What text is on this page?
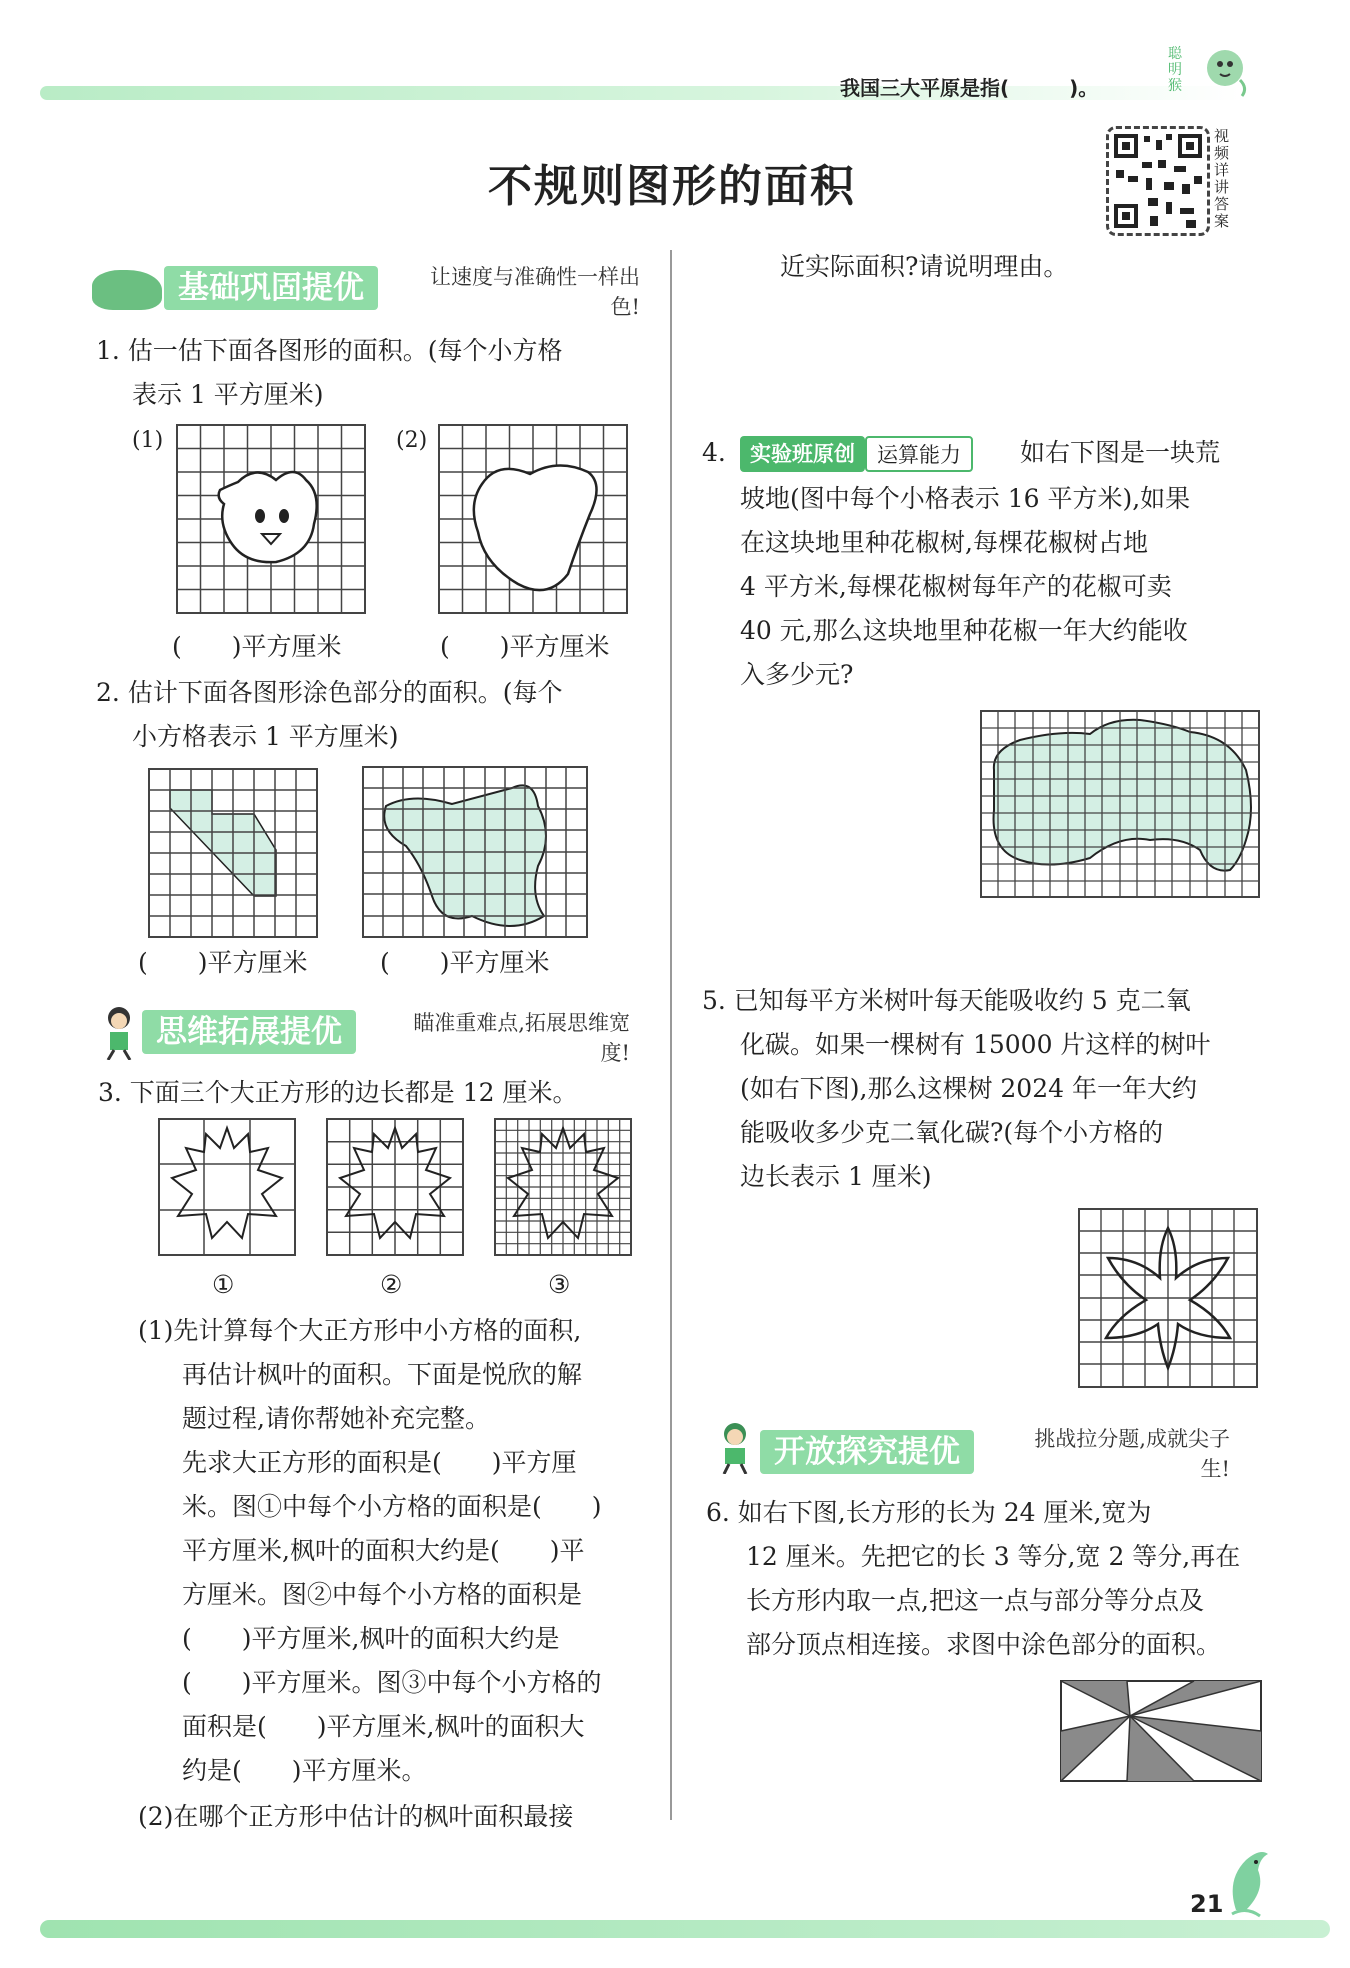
我国三大平原是指(　　　)。
聪明猴
不规则图形的面积
视频详讲答案
基础巩固提优	让速度与准确性一样出色!
1. 估一估下面各图形的面积。(每个小方格
表示 1 平方厘米)
(1)	(2)
(　　)平方厘米	(　　)平方厘米
2. 估计下面各图形涂色部分的面积。(每个
小方格表示 1 平方厘米)
(　　)平方厘米	(　　)平方厘米
思维拓展提优	瞄准重难点,拓展思维宽度!
3. 下面三个大正方形的边长都是 12 厘米。
①	②	③
(1)先计算每个大正方形中小方格的面积,
再估计枫叶的面积。下面是悦欣的解
题过程,请你帮她补充完整。
先求大正方形的面积是(　　)平方厘
米。图①中每个小方格的面积是(　　)
平方厘米,枫叶的面积大约是(　　)平
方厘米。图②中每个小方格的面积是
(　　)平方厘米,枫叶的面积大约是
(　　)平方厘米。图③中每个小方格的
面积是(　　)平方厘米,枫叶的面积大
约是(　　)平方厘米。
(2)在哪个正方形中估计的枫叶面积最接
近实际面积?请说明理由。
4.	实验班原创	运算能力	如右下图是一块荒
坡地(图中每个小格表示 16 平方米),如果
在这块地里种花椒树,每棵花椒树占地
4 平方米,每棵花椒树每年产的花椒可卖
40 元,那么这块地里种花椒一年大约能收
入多少元?
5. 已知每平方米树叶每天能吸收约 5 克二氧
化碳。如果一棵树有 15000 片这样的树叶
(如右下图),那么这棵树 2024 年一年大约
能吸收多少克二氧化碳?(每个小方格的
边长表示 1 厘米)
开放探究提优	挑战拉分题,成就尖子生!
6. 如右下图,长方形的长为 24 厘米,宽为
12 厘米。先把它的长 3 等分,宽 2 等分,再在
长方形内取一点,把这一点与部分等分点及
部分顶点相连接。求图中涂色部分的面积。
21
